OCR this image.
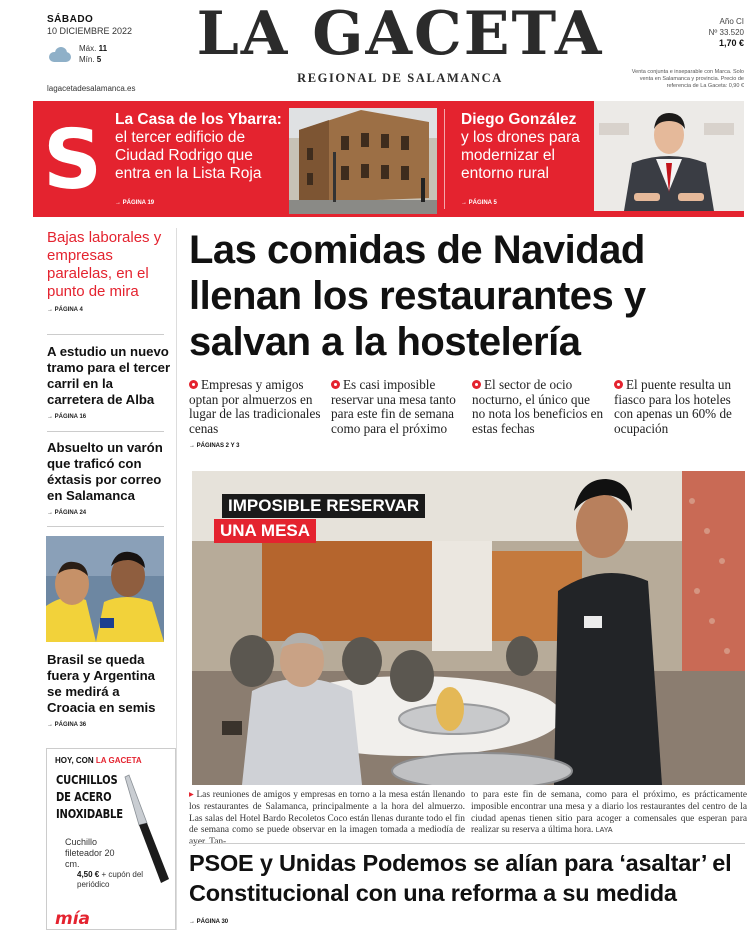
SÁBADO
10 DICIEMBRE 2022
Máx. 11
Mín. 5
lagacetadesalamanca.es
LA GACETA
REGIONAL DE SALAMANCA
Año CI
Nº 33.520
1,70 €
Venta conjunta e inseparable con Marca. Solo venta en Salamanca y provincia. Precio de referencia de La Gaceta: 0,90 €
S La Casa de los Ybarra:
el tercer edificio de Ciudad Rodrigo que entra en la Lista Roja
→ PÁGINA 19
Diego González
y los drones para modernizar el entorno rural
→ PÁGINA 5
Bajas laborales y empresas paralelas, en el punto de mira
→ PÁGINA 4
A estudio un nuevo tramo para el tercer carril en la carretera de Alba
→ PÁGINA 16
Absuelto un varón que traficó con éxtasis por correo en Salamanca
→ PÁGINA 24
Brasil se queda fuera y Argentina se medirá a Croacia en semis
→ PÁGINA 36
HOY, CON LA GACETA
CUCHILLOS DE ACERO INOXIDABLE
Cuchillo fileteador 20 cm.
4,50 € + cupón del periódico
mía
Las comidas de Navidad llenan los restaurantes y salvan a la hostelería
Empresas y amigos optan por almuerzos en lugar de las tradicionales cenas
Es casi imposible reservar una mesa tanto para este fin de semana como para el próximo
El sector de ocio nocturno, el único que no nota los beneficios en estas fechas
El puente resulta un fiasco para los hoteles con apenas un 60% de ocupación
→ PÁGINAS 2 Y 3
IMPOSIBLE RESERVAR
UNA MESA
▸ Las reuniones de amigos y empresas en torno a la mesa están llenando los restaurantes de Salamanca, principalmente a la hora del almuerzo. Las salas del Hotel Bardo Recoletos Coco están llenas durante todo el fin de semana como se puede observar en la imagen tomada a mediodía de
to para este fin de semana, como para el próximo, es prácticamente imposible encontrar una mesa y a diario los restaurantes del centro de la ciudad apenas tienen sitio para acoger a comensales que esperan para realizar su reserva a última hora. LAYA
PSOE y Unidas Podemos se alían para ‘asaltar’ el Constitucional con una reforma a su medida
→ PÁGINA 30
